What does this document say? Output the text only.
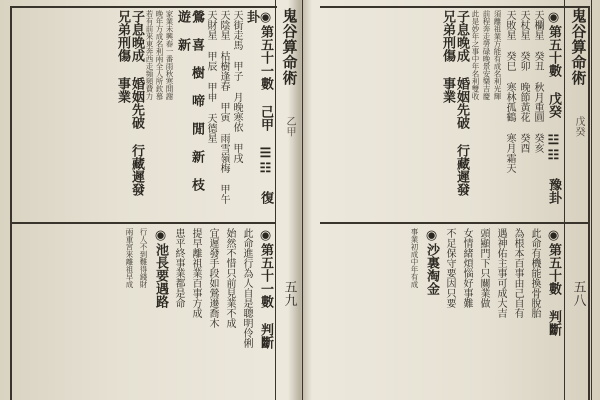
鬼谷算命術
乙甲
五九
◉第五十一數 己甲 ☰☷ 復卦
天街走馬 甲子 月晚寒依 甲戌
天陰星 枯樹逢春 甲寅 雨雪嶺梅 甲午
天財星 甲辰 甲申 天德星
鶯 喜 樹 啼 閒 新 枝 遊 新
家業未興春一番雨秋寒開謝
晚年方成名利兩全人所欽慕
若有前來東奔西走頻頻費力
子息晚成 婚姻先破 行藏遲發 兄弟刑傷 事業
◉第五十一數 判斷
此命進行為人自是聰明伶俐
始然不惜只前見業不成
宜遲發手段如鶯遷喬木
提早離祖業百事方成
患平終事業都是命
◉池長要遇路
行人不到難得錢財
兩重宮來離祖早成
鬼谷算命術
戊癸
五八
◉第五十數 戊癸 ☳☷ 豫卦
天欄星 癸丑 秋月重圓 癸亥
天杖星 癸卯 晚節黃花 癸酉
天敗星 癸巳 寒林孤鶴 寒月霜天
須離祖業方能有成名利光輝
前程奔走勞碌晚景安樂吉慶
此是妙年之事中年名利雙收
子息晚成 婚姻先破 行藏遲發 兄弟刑傷 事業
◉第五十數 判斷
此命有機能換骨脫胎
為根本百事由己自有
遇神佑主事可成大吉
頭顯門下只關業做
女情緒煩惱好事難
不足保守要因只要
◉沙裏淘金
事業初成中年有成
